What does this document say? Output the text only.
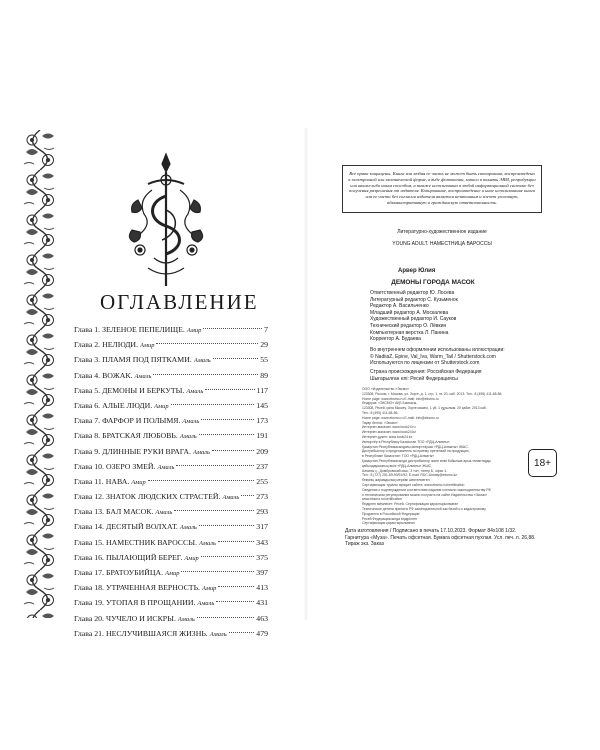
ОГЛАВЛЕНИЕ
Глава 1. ЗЕЛЕНОЕ ПЕПЕЛИЩЕ. Амир	7
Глава 2. НЕЛЮДИ. Амир	29
Глава 3. ПЛАМЯ ПОД ПЯТКАМИ. Амаль	55
Глава 4. ВОЖАК. Амаль	89
Глава 5. ДЕМОНЫ И БЕРКУТЫ. Амаль	117
Глава 6. АЛЫЕ ЛЮДИ. Амир	145
Глава 7. ФАРФОР И ПОЛЫМЯ. Амаль	173
Глава 8. БРАТСКАЯ ЛЮБОВЬ. Амаль	191
Глава 9. ДЛИННЫЕ РУКИ ВРАГА. Амаль	209
Глава 10. ОЗЕРО ЗМЕЙ. Амаль	237
Глава 11. НАВА. Амир	255
Глава 12. ЗНАТОК ЛЮДСКИХ СТРАСТЕЙ. Амаль 273
Глава 13. БАЛ МАСОК. Амаль	293
Глава 14. ДЕСЯТЫЙ ВОЛХАТ. Амаль	317
Глава 15. НАМЕСТНИК ВАРОССЫ. Амаль	343
Глава 16. ПЫЛАЮЩИЙ БЕРЕГ. Амир	375
Глава 17. БРАТОУБИЙЦА. Амир	397
Глава 18. УТРАЧЕННАЯ ВЕРНОСТЬ. Амир	413
Глава 19. УТОПАЯ В ПРОЩАНИИ. Амаль	431
Глава 20. ЧУЧЕЛО И ИСКРЫ. Амаль	463
Глава 21. НЕСЛУЧИВШАЯСЯ ЖИЗНЬ. Амаль	479
Все права защищены. Книга или любая ее часть не может быть скопирована, воспроизведена в электронной или механической форме, в виде фотокопии, записи в память ЭВМ, репродукции или каким-либо иным способом, а также использована в любой информационной системе без получения разрешения от издателя. Копирование, воспроизведение и иное использование книги или ее части без согласия издателя является незаконным и влечет уголовную, административную и гражданскую ответственность.
Литературно-художественное издание
YOUNG ADULT. НАМЕСТНИЦА ВАРОССЫ
Арвер Юлия
ДЕМОНЫ ГОРОДА МАСОК
Ответственный редактор Ю. Лосева
Литературный редактор С. Кузьменок
Редактор А. Васильченко
Младший редактор А. Москалева
Художественный редактор И. Сауков
Технический редактор О. Лёвкин
Компьютерная верстка Л. Панина
Корректор А. Будаева
Во внутреннем оформлении использованы иллюстрации:
© NadiiaZ, Epine, Val_Iva, Warm_Tail / Shutterstock.com
Используются по лицензии от Shutterstock.com
Страна происхождения: Российская Федерация
Шығарылған елі: Ресей Федерациясы
ООО «Издательство «Эксмо»
123308, Россия, г. Москва, ул. Зорге, д. 1, стр. 1, эт. 20, каб. 2013. Тел.: 8 (495) 411-68-86.
Home page: www.eksmo.ru E-mail: info@eksmo.ru
Өндіруші: «ЭКСМО» АҚБ Баспасы,
123308, Ресей, қала Мәскеу, Зорге көшесі, 1 үй, 1 құрылым, 20 қабат, 2013 каб.
Тел.: 8 (495) 411-68-86.
Home page: www.eksmo.ru E-mail: info@eksmo.ru
Тауар белгісі: «Эксмо»
Интернет-магазин: www.book24.ru
Интернет-магазин: www.book24.kz
Интернет-дүкен: www.book24.kz
Импортёр в Республику Казахстан ТОО «РДЦ-Алматы».
Қазақстан Республикасындағы импорттаушы «РДЦ-Алматы» ЖШС.
Дистрибьютор и представитель по приему претензий на продукцию,
в Республике Казахстан: ТОО «РДЦ-Алматы»
Қазақстан Республикасында дистрибьютор және өнім бойынша арыз-талаптарды
қабылдаушының өкілі «РДЦ-Алматы» ЖШС,
Алматы қ., Домбровский көш., 3 «а», литер Б, офис 1.
Тел.: 8 (727) 251-59-90/91/92; E-mail: RDC-Almaty@eksmo.kz
Өнімнің жарамдылық мерзімі шектелмеген.
Сертификация туралы ақпарат сайтта: www.eksmo.ru/certification
Сведения о подтверждении соответствия издания согласно законодательству РФ
о техническом регулировании можно получить на сайте Издательства «Эксмо»
www.eksmo.ru/certification
Өндірген мемлекет: Ресей. Сертификация қарастырылмаған
Техническое детали приняты РФ законодательной как базой и к кадастровому
Продается в Российской Федерации
Ресей Федерациясында өндірілген
Сертификация қарастырылмаған
18+
Дата изготовления / Подписано в печать 17.10.2023. Формат 84x108 1/32.
Гарнитура «Муза». Печать офсетная. Бумага офсетная пухлая. Усл. печ. л. 26,88.
Тираж экз. Заказ
